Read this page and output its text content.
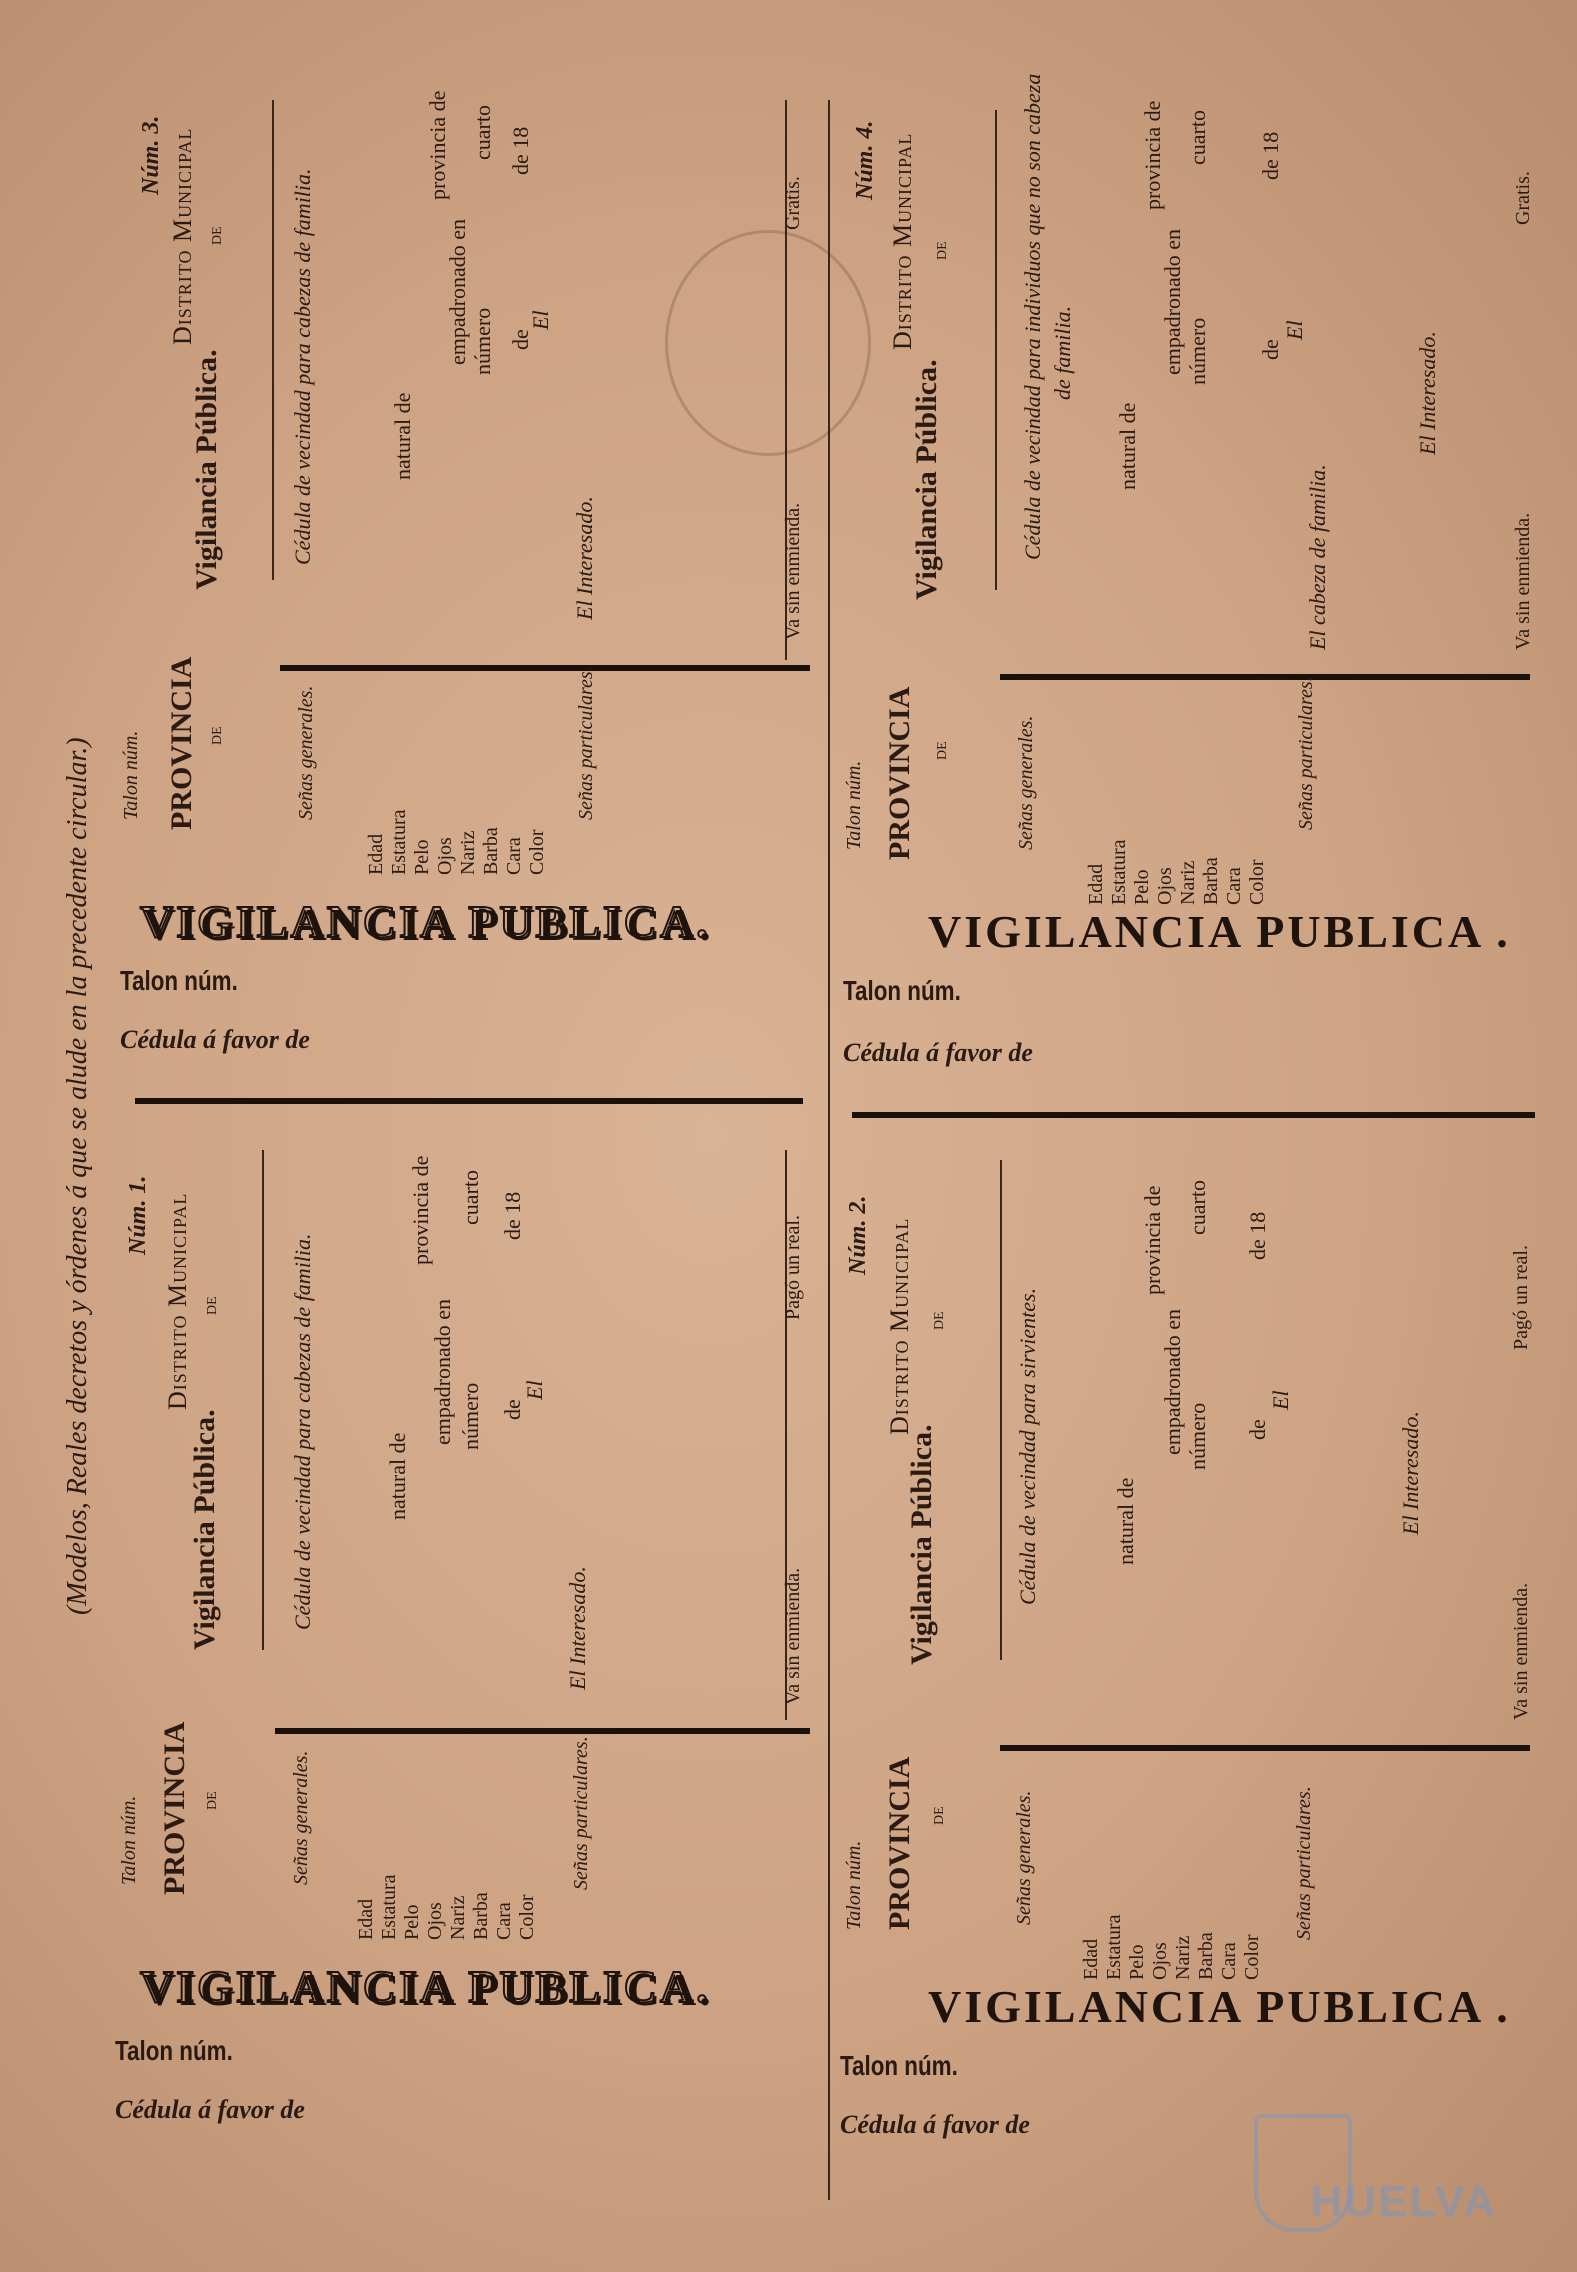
(Modelos, Reales decretos y órdenes á que se alude en la precedente circular.)
Núm. 3. Distrito Municipal DE
Vigilancia Pública.	Cédula de vecindad para cabezas de familia.	natural de
provincia de
empadronado en número
cuarto
de
de 18
El
El Interesado.	Va sin enmienda.
Gratis.
Talon núm. PROVINCIA DE	Señas generales.	Señas particulares.
Edad Estatura Pelo Ojos Nariz Barba Cara Color
VIGILANCIA PUBLICA.
Talon núm.
Cédula á favor de
Núm. 4. Distrito Municipal DE
Vigilancia Pública.	Cédula de vecindad para individuos que no son cabeza de familia.
natural de
provincia de
empadronado en número
cuarto
de
de 18
El
El cabeza de familia.
El Interesado.
Va sin enmienda.
Gratis.
Talon núm. PROVINCIA DE	Señas generales.	Señas particulares.
Edad Estatura Pelo Ojos Nariz Barba Cara Color
VIGILANCIA PUBLICA .
Talon núm.
Cédula á favor de
Núm. 1. Distrito Municipal DE
Vigilancia Pública.	Cédula de vecindad para cabezas de familia.	natural de
provincia de
empadronado en número
cuarto
de
de 18
El
El Interesado.	Va sin enmienda.
Pagó un real.
Talon núm. PROVINCIA DE	Señas generales.	Señas particulares.
Edad Estatura Pelo Ojos Nariz Barba Cara Color
VIGILANCIA PUBLICA.
Talon núm.
Cédula á favor de
Núm. 2. Distrito Municipal DE
Vigilancia Pública.	Cédula de vecindad para sirvientes.	natural de
provincia de
empadronado en número
cuarto
de
de 18
El
El Interesado.
Va sin enmienda.
Pagó un real.
Talon núm. PROVINCIA DE	Señas generales.	Señas particulares.
Edad Estatura Pelo Ojos Nariz Barba Cara Color
VIGILANCIA PUBLICA .
Talon núm.
Cédula á favor de
HUELVA
